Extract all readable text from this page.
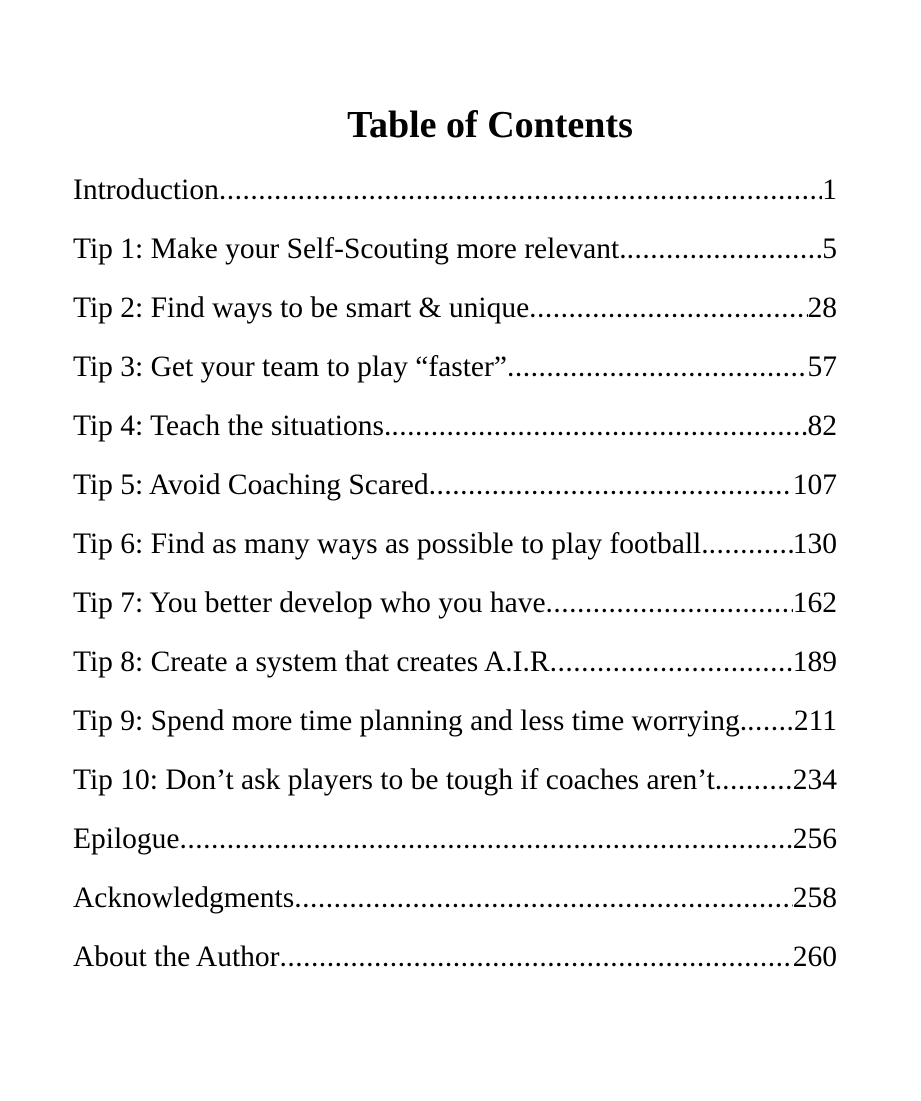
Table of Contents
Introduction .....	1
Tip 1: Make your Self-Scouting more relevant. .....	5
Tip 2: Find ways to be smart & unique .....	28
Tip 3: Get your team to play “faster” .....	57
Tip 4: Teach the situations. .....	82
Tip 5: Avoid Coaching Scared .....	107
Tip 6: Find as many ways as possible to play football. .....	130
Tip 7: You better develop who you have .....	162
Tip 8: Create a system that creates A.I.R .....	189
Tip 9: Spend more time planning and less time worrying. ..... 211
Tip 10: Don’t ask players to be tough if coaches aren’t. ..... 234
Epilogue .....	256
Acknowledgments .....	258
About the Author .....	260
